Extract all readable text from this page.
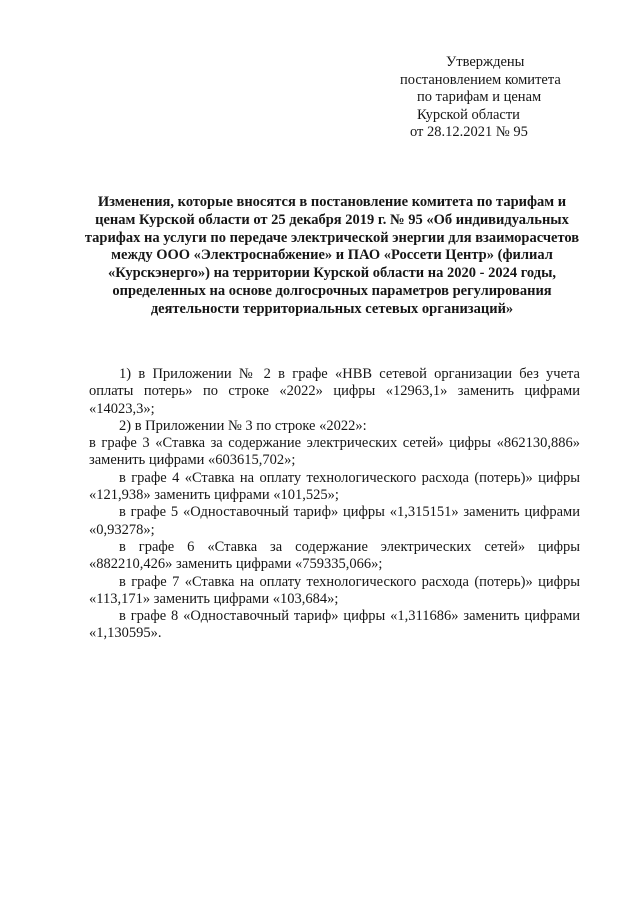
Утверждены
постановлением комитета
по тарифам и ценам
Курской области
от 28.12.2021 № 95
Изменения, которые вносятся в постановление комитета по тарифам и ценам Курской области от 25 декабря 2019 г. № 95 «Об индивидуальных тарифах на услуги по передаче электрической энергии для взаиморасчетов между ООО «Электроснабжение» и ПАО «Россети Центр» (филиал «Курскэнерго») на территории Курской области на 2020 - 2024 годы, определенных на основе долгосрочных параметров регулирования деятельности территориальных сетевых организаций»

1) в Приложении № 2 в графе «НВВ сетевой организации без учета оплаты потерь» по строке «2022» цифры «12963,1» заменить цифрами «14023,3»;

2) в Приложении № 3 по строке «2022»:

в графе 3 «Ставка за содержание электрических сетей» цифры «862130,886» заменить цифрами «603615,702»;

в графе 4 «Ставка на оплату технологического расхода (потерь)» цифры «121,938» заменить цифрами «101,525»;

в графе 5 «Одноставочный тариф» цифры «1,315151» заменить цифрами «0,93278»;

в графе 6 «Ставка за содержание электрических сетей» цифры «882210,426» заменить цифрами «759335,066»;

в графе 7 «Ставка на оплату технологического расхода (потерь)» цифры «113,171» заменить цифрами «103,684»;

в графе 8 «Одноставочный тариф» цифры «1,311686» заменить цифрами «1,130595».
